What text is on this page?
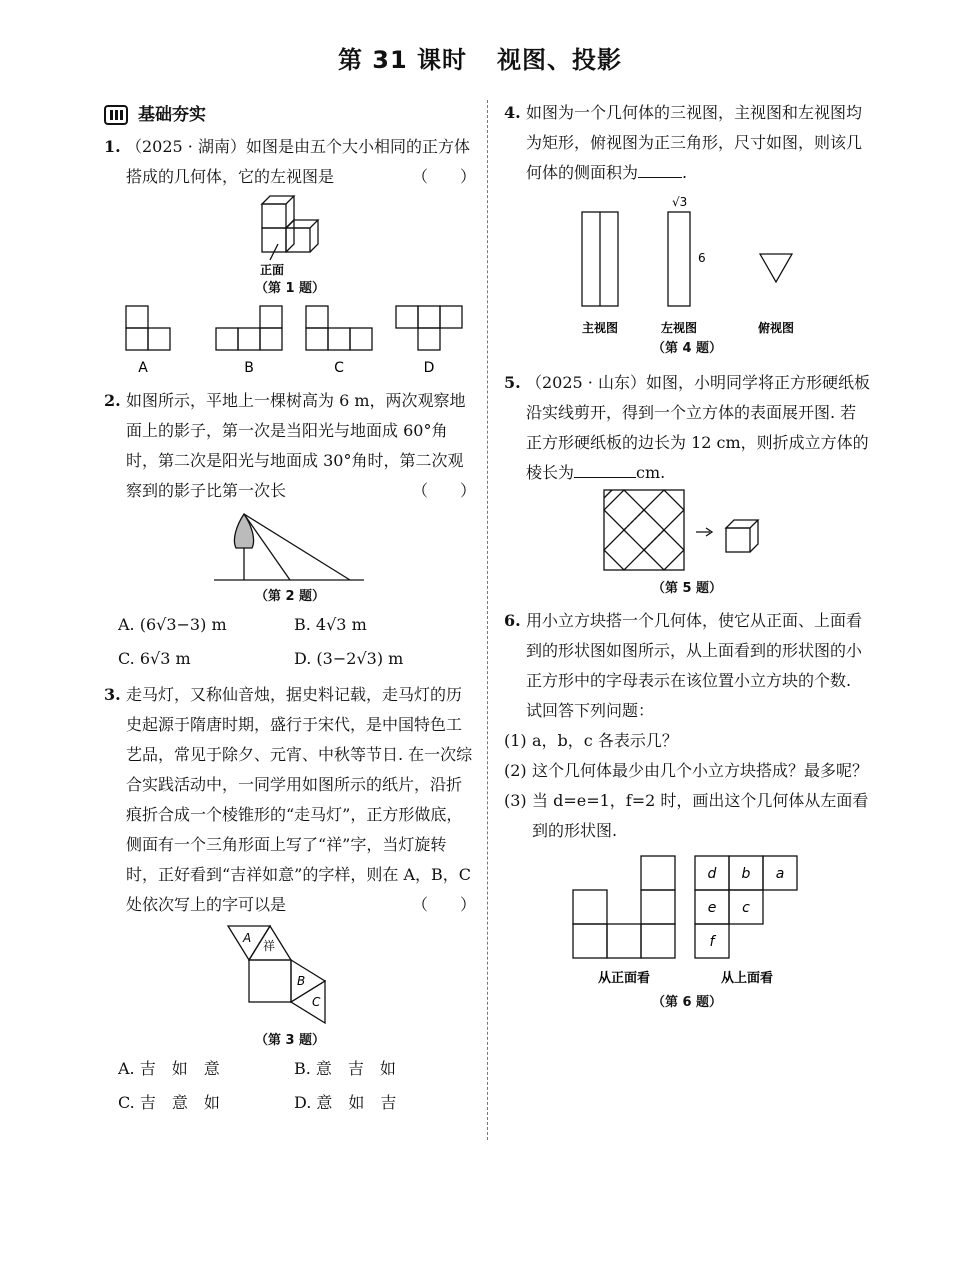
第 31 课时 视图、投影
基础夯实
1. （2025 · 湖南）如图是由五个大小相同的正方体搭成的几何体，它的左视图是	（　　）

正面
（第 1 题）
A	B	C	D
2. 如图所示，平地上一棵树高为 6 m，两次观察地面上的影子，第一次是当阳光与地面成 60°角时，第二次是阳光与地面成 30°角时，第二次观察到的影子比第一次长	（　　）

（第 2 题）
A. (6√3−3) m	B. 4√3 m
C. 6√3 m	D. (3−2√3) m
3. 走马灯，又称仙音烛，据史料记载，走马灯的历史起源于隋唐时期，盛行于宋代，是中国特色工艺品，常见于除夕、元宵、中秋等节日. 在一次综合实践活动中，一同学用如图所示的纸片，沿折痕折合成一个棱锥形的“走马灯”，正方形做底，侧面有一个三角形面上写了“祥”字，当灯旋转时，正好看到“吉祥如意”的字样，则在 A，B，C 处依次写上的字可以是	（　　）

A
祥
B
C
（第 3 题）
A. 吉　如　意	B. 意　吉　如
C. 吉　意　如	D. 意　如　吉
4. 如图为一个几何体的三视图，主视图和左视图均为矩形，俯视图为正三角形，尺寸如图，则该几何体的侧面积为	.

√3
6
主视图	左视图	俯视图
（第 4 题）
5. （2025 · 山东）如图，小明同学将正方形硬纸板沿实线剪开，得到一个立方体的表面展开图. 若正方形硬纸板的边长为 12 cm，则折成立方体的棱长为	cm.

（第 5 题）
6. 用小立方块搭一个几何体，使它从正面、上面看到的形状图如图所示，从上面看到的形状图的小正方形中的字母表示在该位置小立方块的个数. 试回答下列问题：

(1) a，b，c 各表示几？
(2) 这个几何体最少由几个小立方块搭成？最多呢？
(3) 当 d=e=1，f=2 时，画出这个几何体从左面看到的形状图.
d b a
e c
f
从正面看	从上面看
（第 6 题）
